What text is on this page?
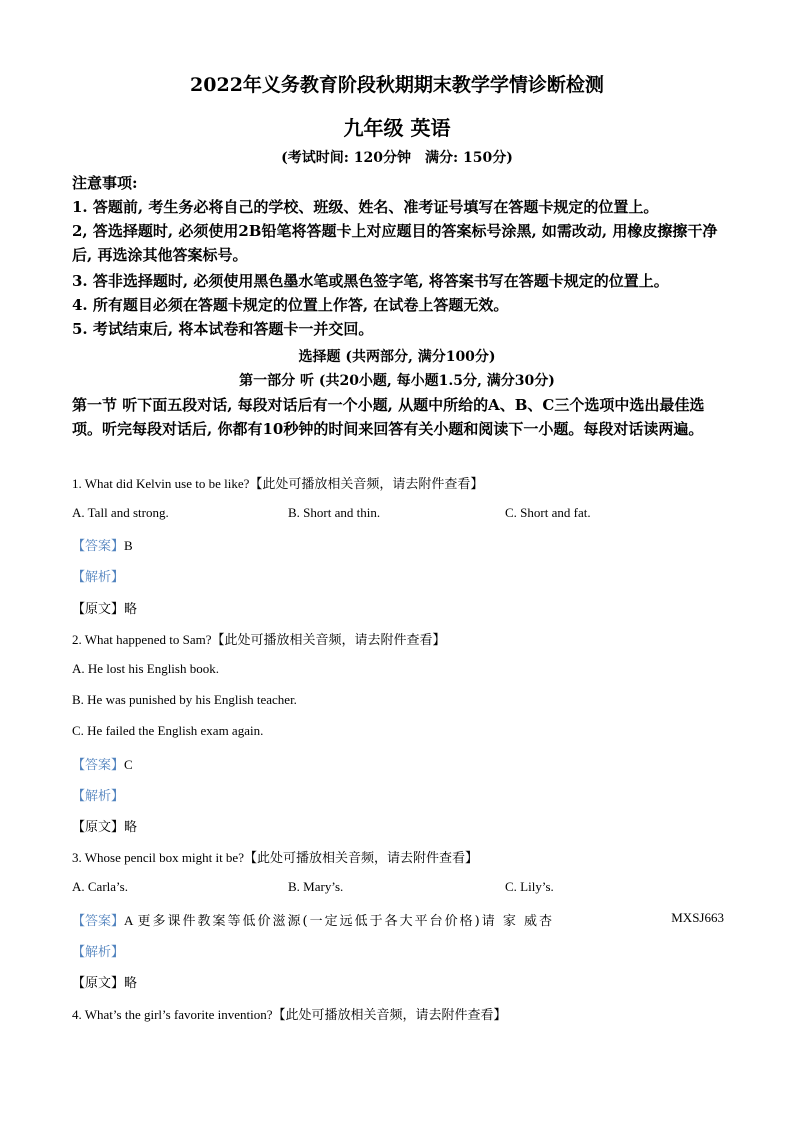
2022年义务教育阶段秋期期末教学学情诊断检测
九年级 英语
(考试时间: 120分钟　满分: 150分)
注意事项:
1. 答题前, 考生务必将自己的学校、班级、姓名、准考证号填写在答题卡规定的位置上。
2, 答选择题时, 必须使用2B铅笔将答题卡上对应题目的答案标号涂黑, 如需改动, 用橡皮擦擦干净后, 再选涂其他答案标号。
3. 答非选择题时, 必须使用黑色墨水笔或黑色签字笔, 将答案书写在答题卡规定的位置上。
4. 所有题目必须在答题卡规定的位置上作答, 在试卷上答题无效。
5. 考试结束后, 将本试卷和答题卡一并交回。
选择题 (共两部分, 满分100分)
第一部分 听 (共20小题, 每小题1.5分, 满分30分)
第一节 听下面五段对话, 每段对话后有一个小题, 从题中所给的A、B、C三个选项中选出最佳选项。听完每段对话后, 你都有10秒钟的时间来回答有关小题和阅读下一小题。每段对话读两遍。
1. What did Kelvin use to be like?【此处可播放相关音频，请去附件查看】
A. Tall and strong.	B. Short and thin.	C. Short and fat.
【答案】B
【解析】
【原文】略
2. What happened to Sam?【此处可播放相关音频，请去附件查看】
A. He lost his English book.
B. He was punished by his English teacher.
C. He failed the English exam again.
【答案】C
【解析】
【原文】略
3. Whose pencil box might it be?【此处可播放相关音频，请去附件查看】
A. Carla’s.	B. Mary’s.	C. Lily’s.
【答案】A 更多课件教案等低价滋源(一定远低于各大平台价格)请 家 威杏	MXSJ663
【解析】
【原文】略
4. What’s the girl’s favorite invention?【此处可播放相关音频，请去附件查看】
